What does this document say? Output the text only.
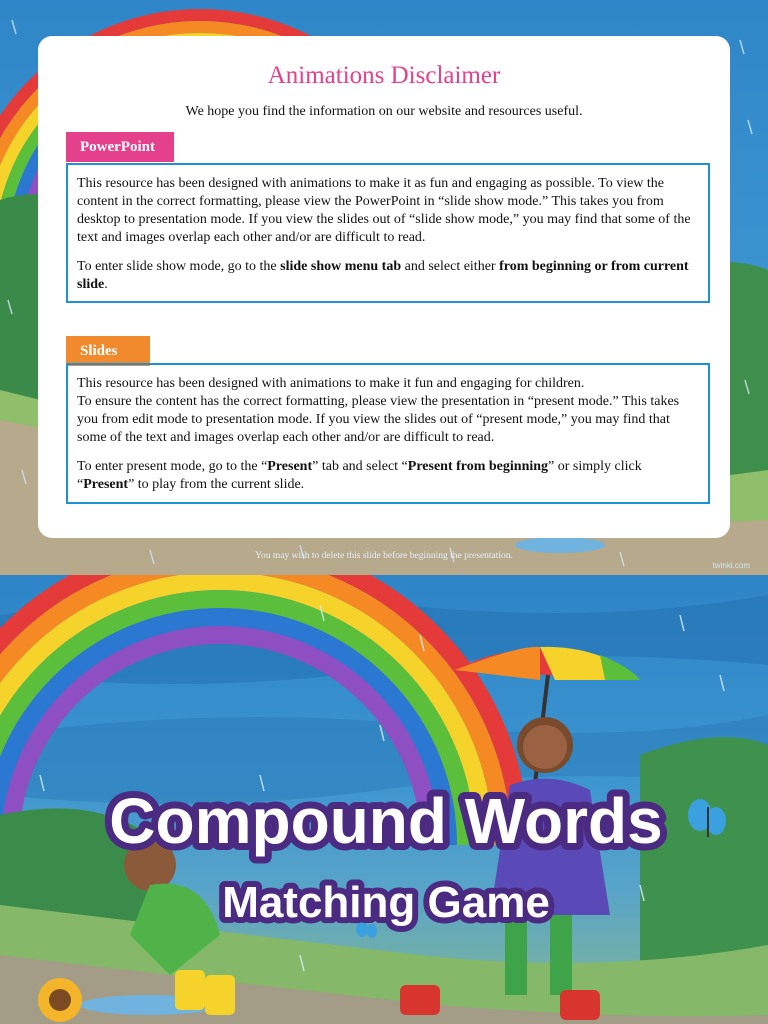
Animations Disclaimer

We hope you find the information on our website and resources useful.

PowerPoint

This resource has been designed with animations to make it as fun and engaging as possible. To view the content in the correct formatting, please view the PowerPoint in “slide show mode.” This takes you from desktop to presentation mode. If you view the slides out of “slide show mode,” you may find that some of the text and images overlap each other and/or are difficult to read.

To enter slide show mode, go to the slide show menu tab and select either from beginning or from current slide.

Slides

This resource has been designed with animations to make it fun and engaging for children.
To ensure the content has the correct formatting, please view the presentation in “present mode.” This takes you from edit mode to presentation mode. If you view the slides out of “present mode,” you may find that some of the text and images overlap each other and/or are difficult to read.

To enter present mode, go to the “Present” tab and select “Present from beginning” or simply click “Present” to play from the current slide.

You may wish to delete this slide before beginning the presentation.
twinkl.com
Compound Words
Matching Game
